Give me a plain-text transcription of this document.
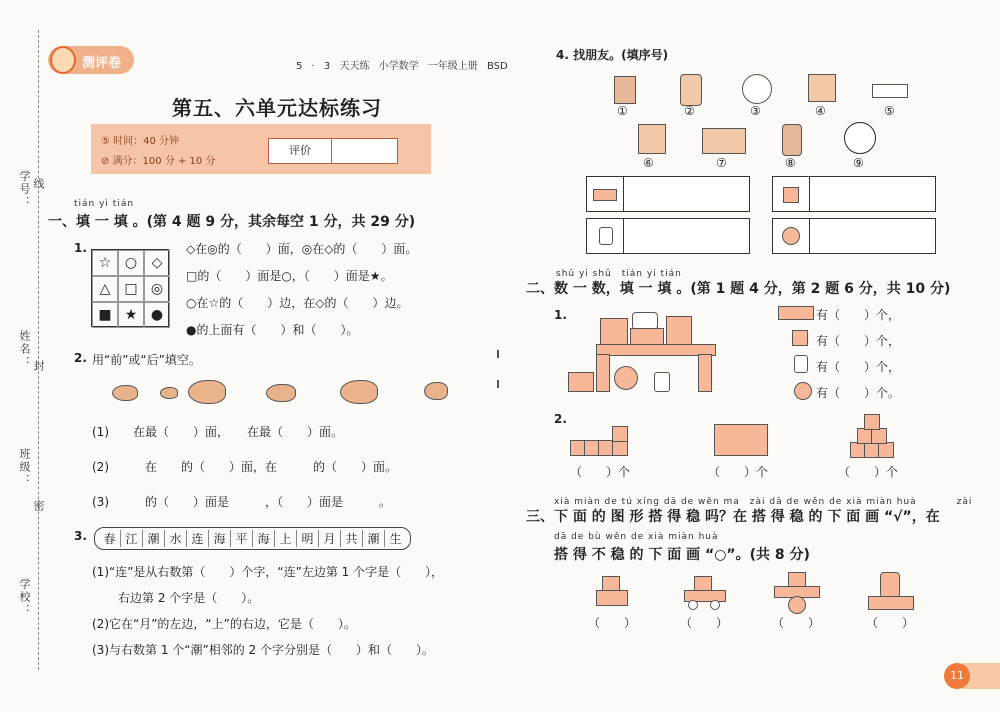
学号： 线
姓名： 封
班级：
密
学校：
测评卷	5 · 3 天天练 小学数学 一年级上册 BSD
第五、六单元达标练习
⑤ 时间：40 分钟
⊘ 满分：100 分 + 10 分
评价
tián yì tián
一、填 一 填 。(第 4 题 9 分，其余每空 1 分，共 29 分)
1.
☆ ○	◇
△ □ ◎
■ ★ ●
◇在◎的（　　）面，◎在◇的（　　）面。
□的（　　）面是○，（　　）面是★。
○在☆的（　　）边，在◇的（　　）边。
●的上面有（　　）和（　　）。
2. 用“前”或“后”填空。
(1)　　在最（　　）面，　　在最（　　）面。
(2)　　　在　　的（　　）面，在　　　的（　　）面。
(3)　　　的（　　）面是　　　，（　　）面是　　　。
3.	春 江 潮 水 连 海 平 海 上 明 月 共 潮 生
(1)“连”是从右数第（　　）个字，“连”左边第 1 个字是（　　），
右边第 2 个字是（　　）。
(2)它在“月”的左边，“上”的右边，它是（　　）。
(3)与右数第 1 个“潮”相邻的 2 个字分别是（　　）和（　　）。
4. 找朋友。(填序号)
①	②	③	④	⑤
⑥	⑦	⑧	⑨
shǔ yi shǔ　tián yi tián
二、数 一 数，填 一 填 。(第 1 题 4 分，第 2 题 6 分，共 10 分)
1.	有（　　）个，
有（　　）个，
有（　　）个，
有（　　）个。
2.
（　　）个	（　　）个	（　　）个
xià miàn de tú xíng dā de wěn ma　zài dā de wěn de xià miàn huà　　　　zài
三、下 面 的 图 形 搭 得 稳 吗？在 搭 得 稳 的 下 面 画 “√”，在
dā de bù wěn de xià miàn huà
搭 得 不 稳 的 下 面 画 “○”。(共 8 分)
（　　）	（　　）	（　　）	（　　）
11
